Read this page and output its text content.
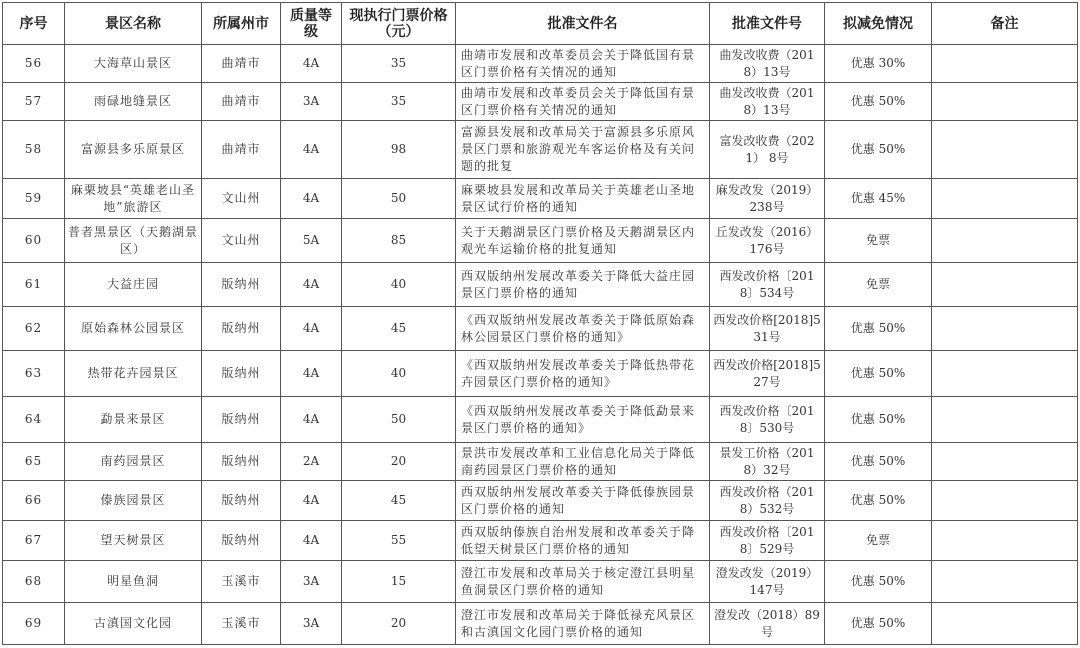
序号	景区名称	所属州市	质量等级	现执行门票价格（元）	批准文件名	批准文件号	拟减免情况	备注
56	大海草山景区	曲靖市	4A	35	曲靖市发展和改革委员会关于降低国有景区门票价格有关情况的通知	曲发改收费（2018）13号	优惠 30%	
57	雨碌地缝景区	曲靖市	3A	35	曲靖市发展和改革委员会关于降低国有景区门票价格有关情况的通知	曲发改收费（2018）13号	优惠 50%	
58	富源县多乐原景区	曲靖市	4A	98	富源县发展和改革局关于富源县多乐原风景区门票和旅游观光车客运价格及有关问题的批复	富发改收费（2021） 8号	优惠 50%	
59	麻栗坡县“英雄老山圣地”旅游区	文山州	4A	50	麻栗坡县发展和改革局关于英雄老山圣地景区试行价格的通知	麻发改发（2019）238号	优惠 45%	
60	普者黑景区（天鹅湖景区）	文山州	5A	85	关于天鹅湖景区门票价格及天鹅湖景区内观光车运输价格的批复通知	丘发改发（2016）176号	免票	
61	大益庄园	版纳州	4A	40	西双版纳州发展改革委关于降低大益庄园景区门票价格的通知	西发改价格〔2018〕534号	免票	
62	原始森林公园景区	版纳州	4A	45	《西双版纳州发展改革委关于降低原始森林公园景区门票价格的通知》	西发改价格[2018]531号	优惠 50%	
63	热带花卉园景区	版纳州	4A	40	《西双版纳州发展改革委关于降低热带花卉园景区门票价格的通知》	西发改价格[2018]527号	优惠 50%	
64	勐景来景区	版纳州	4A	50	《西双版纳州发展改革委关于降低勐景来景区门票价格的通知》	西发改价格〔2018〕530号	优惠 50%	
65	南药园景区	版纳州	2A	20	景洪市发展改革和工业信息化局关于降低南药园景区门票价格的通知	景发工价格（2018）32号	优惠 50%	
66	傣族园景区	版纳州	4A	45	西双版纳州发展改革委关于降低傣族园景区门票价格的通知	西发改价格（2018）532号	优惠 50%	
67	望天树景区	版纳州	4A	55	西双版纳傣族自治州发展和改革委关于降低望天树景区门票价格的通知	西发改价格〔2018〕529号	免票	
68	明星鱼洞	玉溪市	3A	15	澄江市发展和改革局关于核定澄江县明星鱼洞景区门票价格的通知	澄发改发（2019）147号	优惠 50%	
69	古滇国文化园	玉溪市	3A	20	澄江市发展和改革局关于降低禄充风景区和古滇国文化园门票价格的通知	澄发改（2018）89号	优惠 50%	
